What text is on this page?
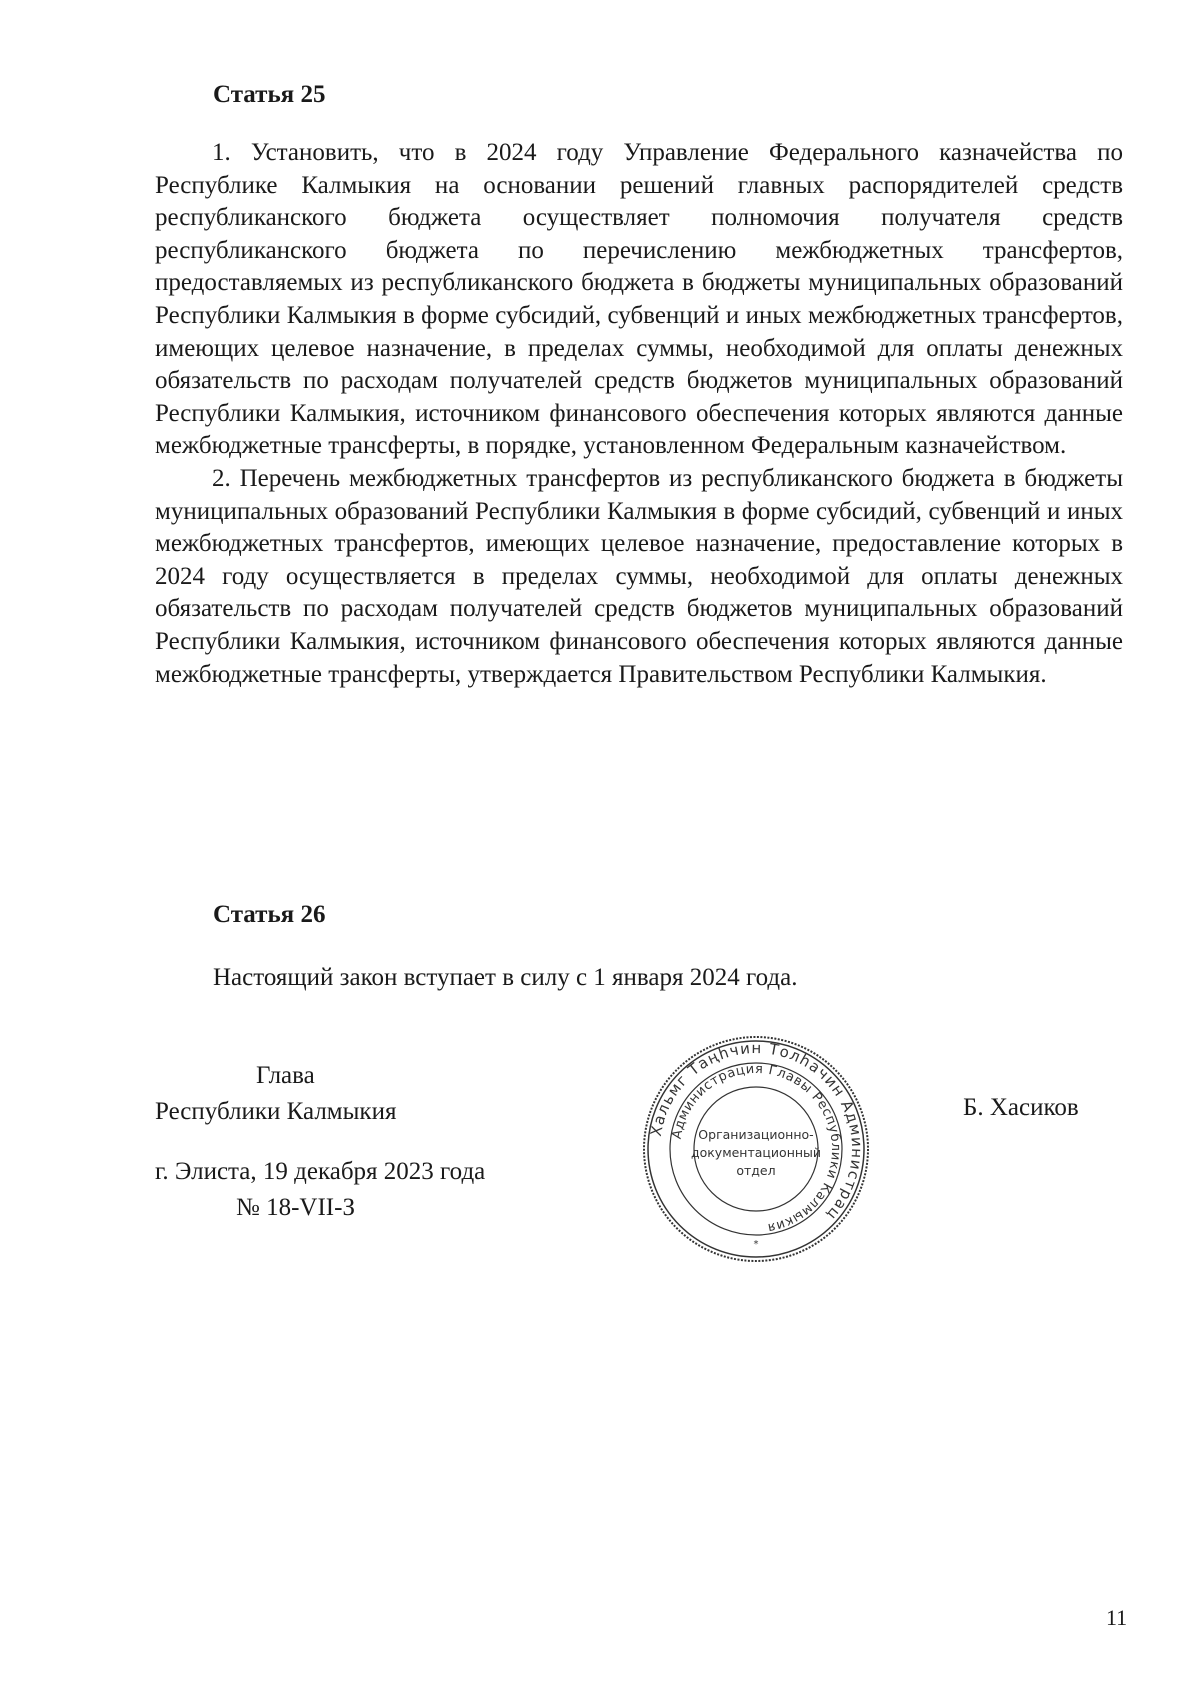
Статья 25

1. Установить, что в 2024 году Управление Федерального казначейства по Республике Калмыкия на основании решений главных распорядителей средств республиканского бюджета осуществляет полномочия получателя средств республиканского бюджета по перечислению межбюджетных трансфертов, предоставляемых из республиканского бюджета в бюджеты муниципальных образований Республики Калмыкия в форме субсидий, субвенций и иных межбюджетных трансфертов, имеющих целевое назначение, в пределах суммы, необходимой для оплаты денежных обязательств по расходам получателей средств бюджетов муниципальных образований Республики Калмыкия, источником финансового обеспечения которых являются данные межбюджетные трансферты, в порядке, установленном Федеральным казначейством.

2. Перечень межбюджетных трансфертов из республиканского бюджета в бюджеты муниципальных образований Республики Калмыкия в форме субсидий, субвенций и иных межбюджетных трансфертов, имеющих целевое назначение, предоставление которых в 2024 году осуществляется в пределах суммы, необходимой для оплаты денежных обязательств по расходам получателей средств бюджетов муниципальных образований Республики Калмыкия, источником финансового обеспечения которых являются данные межбюджетные трансферты, утверждается Правительством Республики Калмыкия.

Статья 26

Настоящий закон вступает в силу с 1 января 2024 года.

Глава
Республики Калмыкия
Хальмг Таңһчин Толһачин Администрац
Администрация Главы Республики Калмыкия
Организационно-
документационный
отдел
*

Б. Хасиков

г. Элиста, 19 декабря 2023 года
№ 18-VII-З

11
